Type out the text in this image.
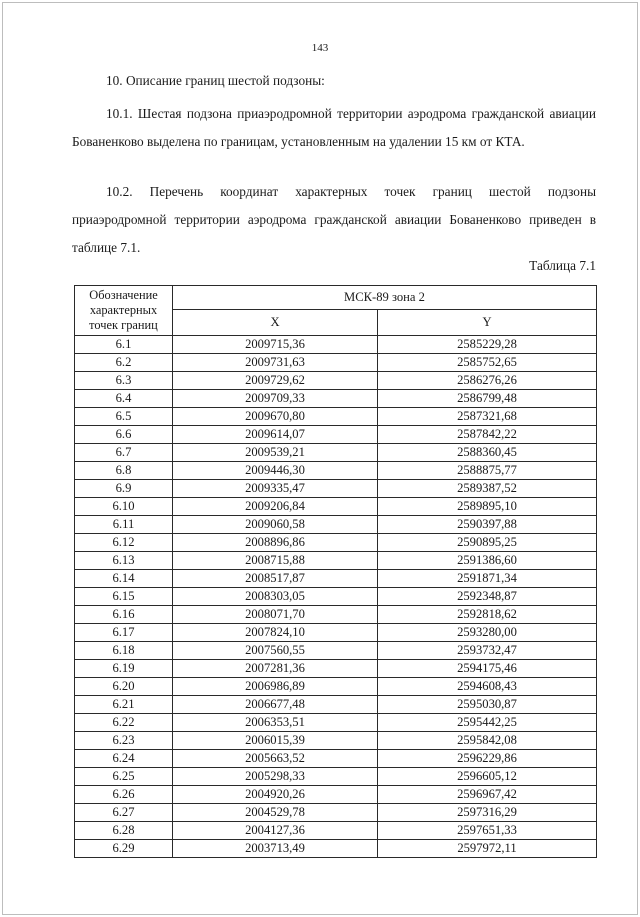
143
10. Описание границ шестой подзоны:
10.1. Шестая подзона приаэродромной территории аэродрома гражданской авиации Бованенково выделена по границам, установленным на удалении 15 км от КТА.
10.2. Перечень координат характерных точек границ шестой подзоны приаэродромной территории аэродрома гражданской авиации Бованенково приведен в таблице 7.1.
Таблица 7.1
Обозначение характерных точек границ	МСК-89 зона 2	
	X	Y
6.1	2009715,36	2585229,28
6.2	2009731,63	2585752,65
6.3	2009729,62	2586276,26
6.4	2009709,33	2586799,48
6.5	2009670,80	2587321,68
6.6	2009614,07	2587842,22
6.7	2009539,21	2588360,45
6.8	2009446,30	2588875,77
6.9	2009335,47	2589387,52
6.10	2009206,84	2589895,10
6.11	2009060,58	2590397,88
6.12	2008896,86	2590895,25
6.13	2008715,88	2591386,60
6.14	2008517,87	2591871,34
6.15	2008303,05	2592348,87
6.16	2008071,70	2592818,62
6.17	2007824,10	2593280,00
6.18	2007560,55	2593732,47
6.19	2007281,36	2594175,46
6.20	2006986,89	2594608,43
6.21	2006677,48	2595030,87
6.22	2006353,51	2595442,25
6.23	2006015,39	2595842,08
6.24	2005663,52	2596229,86
6.25	2005298,33	2596605,12
6.26	2004920,26	2596967,42
6.27	2004529,78	2597316,29
6.28	2004127,36	2597651,33
6.29	2003713,49	2597972,11
